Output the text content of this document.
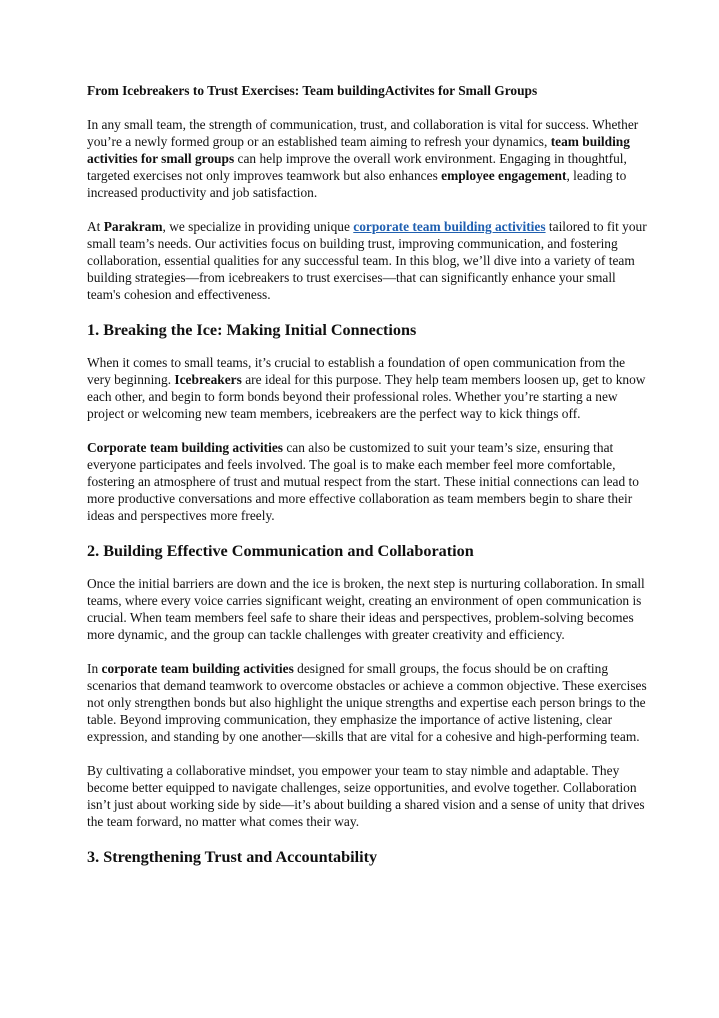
From Icebreakers to Trust Exercises: Team buildingActivites for Small Groups

In any small team, the strength of communication, trust, and collaboration is vital for success. Whether you’re a newly formed group or an established team aiming to refresh your dynamics, team building activities for small groups can help improve the overall work environment. Engaging in thoughtful, targeted exercises not only improves teamwork but also enhances employee engagement, leading to increased productivity and job satisfaction.

At Parakram, we specialize in providing unique corporate team building activities tailored to fit your small team’s needs. Our activities focus on building trust, improving communication, and fostering collaboration, essential qualities for any successful team. In this blog, we’ll dive into a variety of team building strategies—from icebreakers to trust exercises—that can significantly enhance your small team's cohesion and effectiveness.

1. Breaking the Ice: Making Initial Connections

When it comes to small teams, it’s crucial to establish a foundation of open communication from the very beginning. Icebreakers are ideal for this purpose. They help team members loosen up, get to know each other, and begin to form bonds beyond their professional roles. Whether you’re starting a new project or welcoming new team members, icebreakers are the perfect way to kick things off.

Corporate team building activities can also be customized to suit your team’s size, ensuring that everyone participates and feels involved. The goal is to make each member feel more comfortable, fostering an atmosphere of trust and mutual respect from the start. These initial connections can lead to more productive conversations and more effective collaboration as team members begin to share their ideas and perspectives more freely.

2. Building Effective Communication and Collaboration

Once the initial barriers are down and the ice is broken, the next step is nurturing collaboration. In small teams, where every voice carries significant weight, creating an environment of open communication is crucial. When team members feel safe to share their ideas and perspectives, problem-solving becomes more dynamic, and the group can tackle challenges with greater creativity and efficiency.

In corporate team building activities designed for small groups, the focus should be on crafting scenarios that demand teamwork to overcome obstacles or achieve a common objective. These exercises not only strengthen bonds but also highlight the unique strengths and expertise each person brings to the table. Beyond improving communication, they emphasize the importance of active listening, clear expression, and standing by one another—skills that are vital for a cohesive and high-performing team.

By cultivating a collaborative mindset, you empower your team to stay nimble and adaptable. They become better equipped to navigate challenges, seize opportunities, and evolve together. Collaboration isn’t just about working side by side—it’s about building a shared vision and a sense of unity that drives the team forward, no matter what comes their way.

3. Strengthening Trust and Accountability
